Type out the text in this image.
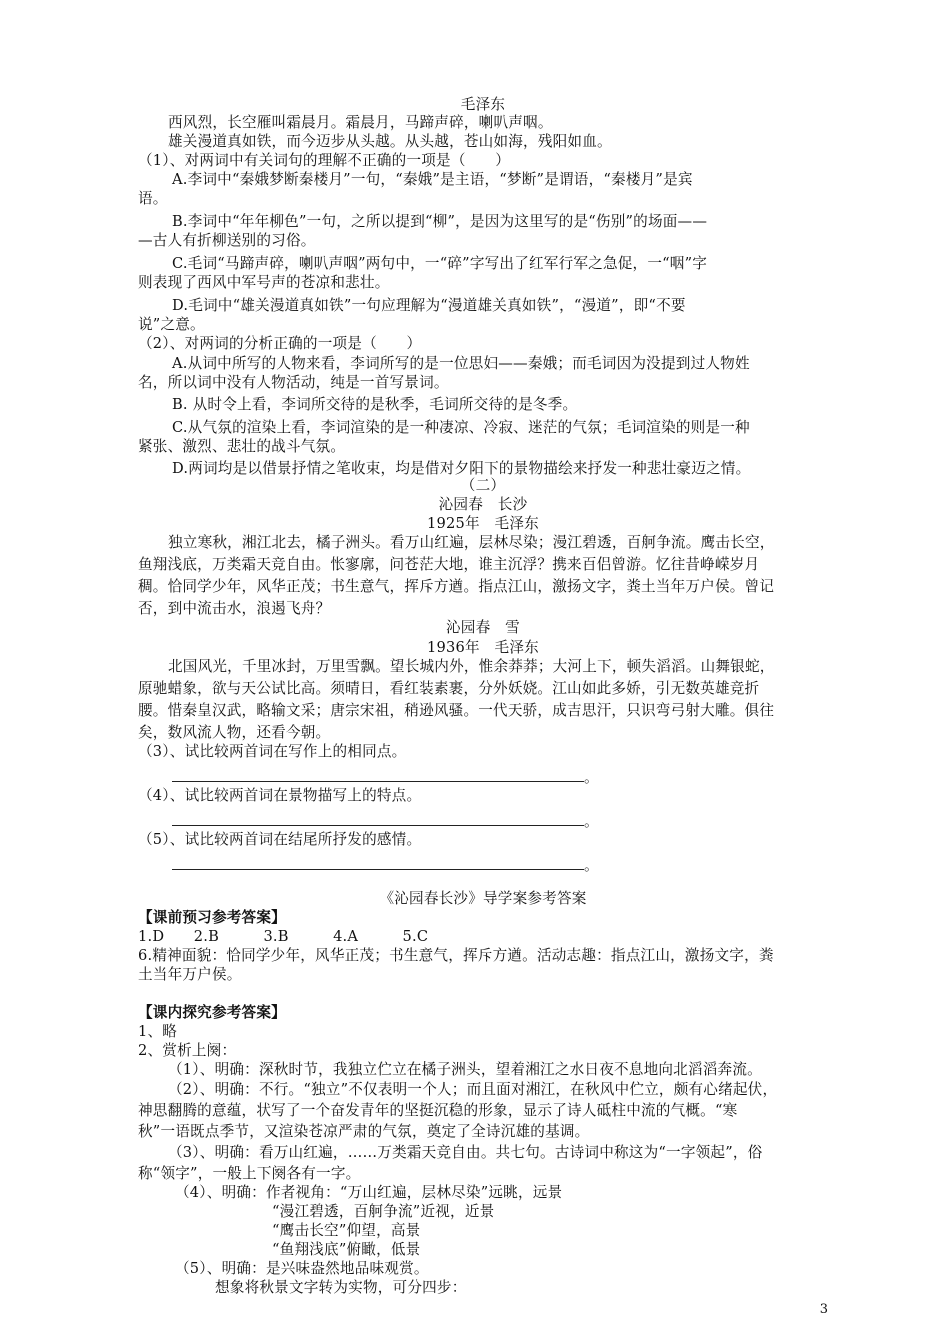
毛泽东
西风烈，长空雁叫霜晨月。霜晨月，马蹄声碎，喇叭声咽。
雄关漫道真如铁，而今迈步从头越。从头越，苍山如海，残阳如血。
（1）、对两词中有关词句的理解不正确的一项是（　　）
A.李词中“秦娥梦断秦楼月”一句，“秦娥”是主语，“梦断”是谓语，“秦楼月”是宾
语。
B.李词中“年年柳色”一句，之所以提到“柳”，是因为这里写的是“伤别”的场面——
—古人有折柳送别的习俗。
C.毛词“马蹄声碎，喇叭声咽”两句中，一“碎”字写出了红军行军之急促，一“咽”字
则表现了西风中军号声的苍凉和悲壮。
D.毛词中“雄关漫道真如铁”一句应理解为“漫道雄关真如铁”，“漫道”，即“不要
说”之意。
（2）、对两词的分析正确的一项是（　　）
A.从词中所写的人物来看，李词所写的是一位思妇——秦娥；而毛词因为没提到过人物姓
名，所以词中没有人物活动，纯是一首写景词。
B. 从时令上看，李词所交待的是秋季，毛词所交待的是冬季。
C.从气氛的渲染上看，李词渲染的是一种凄凉、冷寂、迷茫的气氛；毛词渲染的则是一种
紧张、激烈、悲壮的战斗气氛。
D.两词均是以借景抒情之笔收束，均是借对夕阳下的景物描绘来抒发一种悲壮豪迈之情。
（二）
沁园春　长沙
1925年　毛泽东
独立寒秋，湘江北去，橘子洲头。看万山红遍，层林尽染；漫江碧透，百舸争流。鹰击长空，
鱼翔浅底，万类霜天竞自由。怅寥廓，问苍茫大地，谁主沉浮？携来百侣曾游。忆往昔峥嵘岁月
稠。恰同学少年，风华正茂；书生意气，挥斥方遒。指点江山，激扬文字，粪土当年万户侯。曾记
否，到中流击水，浪遏飞舟？
沁园春　雪
1936年　毛泽东
北国风光，千里冰封，万里雪飘。望长城内外，惟余莽莽；大河上下，顿失滔滔。山舞银蛇，
原驰蜡象，欲与天公试比高。须晴日，看红装素裹，分外妖娆。江山如此多娇，引无数英雄竞折
腰。惜秦皇汉武，略输文采；唐宗宋祖，稍逊风骚。一代天骄，成吉思汗，只识弯弓射大雕。俱往
矣，数风流人物，还看今朝。
（3）、试比较两首词在写作上的相同点。
。
（4）、试比较两首词在景物描写上的特点。
。
（5）、试比较两首词在结尾所抒发的感情。
。
《沁园春长沙》导学案参考答案
【课前预习参考答案】
1.D　　2.B　　　3.B　　　4.A　　　5.C
6.精神面貌：恰同学少年，风华正茂；书生意气，挥斥方遒。活动志趣：指点江山，激扬文字，粪
土当年万户侯。
【课内探究参考答案】
1、略
2、赏析上阕：
（1）、明确：深秋时节，我独立伫立在橘子洲头，望着湘江之水日夜不息地向北滔滔奔流。
（2）、明确：不行。“独立”不仅表明一个人；而且面对湘江，在秋风中伫立，颇有心绪起伏，
神思翻腾的意蕴，状写了一个奋发青年的坚挺沉稳的形象，显示了诗人砥柱中流的气概。“寒
秋”一语既点季节，又渲染苍凉严肃的气氛，奠定了全诗沉雄的基调。
（3）、明确：看万山红遍，……万类霜天竞自由。共七句。古诗词中称这为“一字领起”，俗
称“领字”，一般上下阕各有一字。
（4）、明确：作者视角：“万山红遍，层林尽染”远眺，远景
“漫江碧透，百舸争流”近视，近景
“鹰击长空”仰望，高景
“鱼翔浅底”俯瞰，低景
（5）、明确：是兴味盎然地品味观赏。
想象将秋景文字转为实物，可分四步：
3
